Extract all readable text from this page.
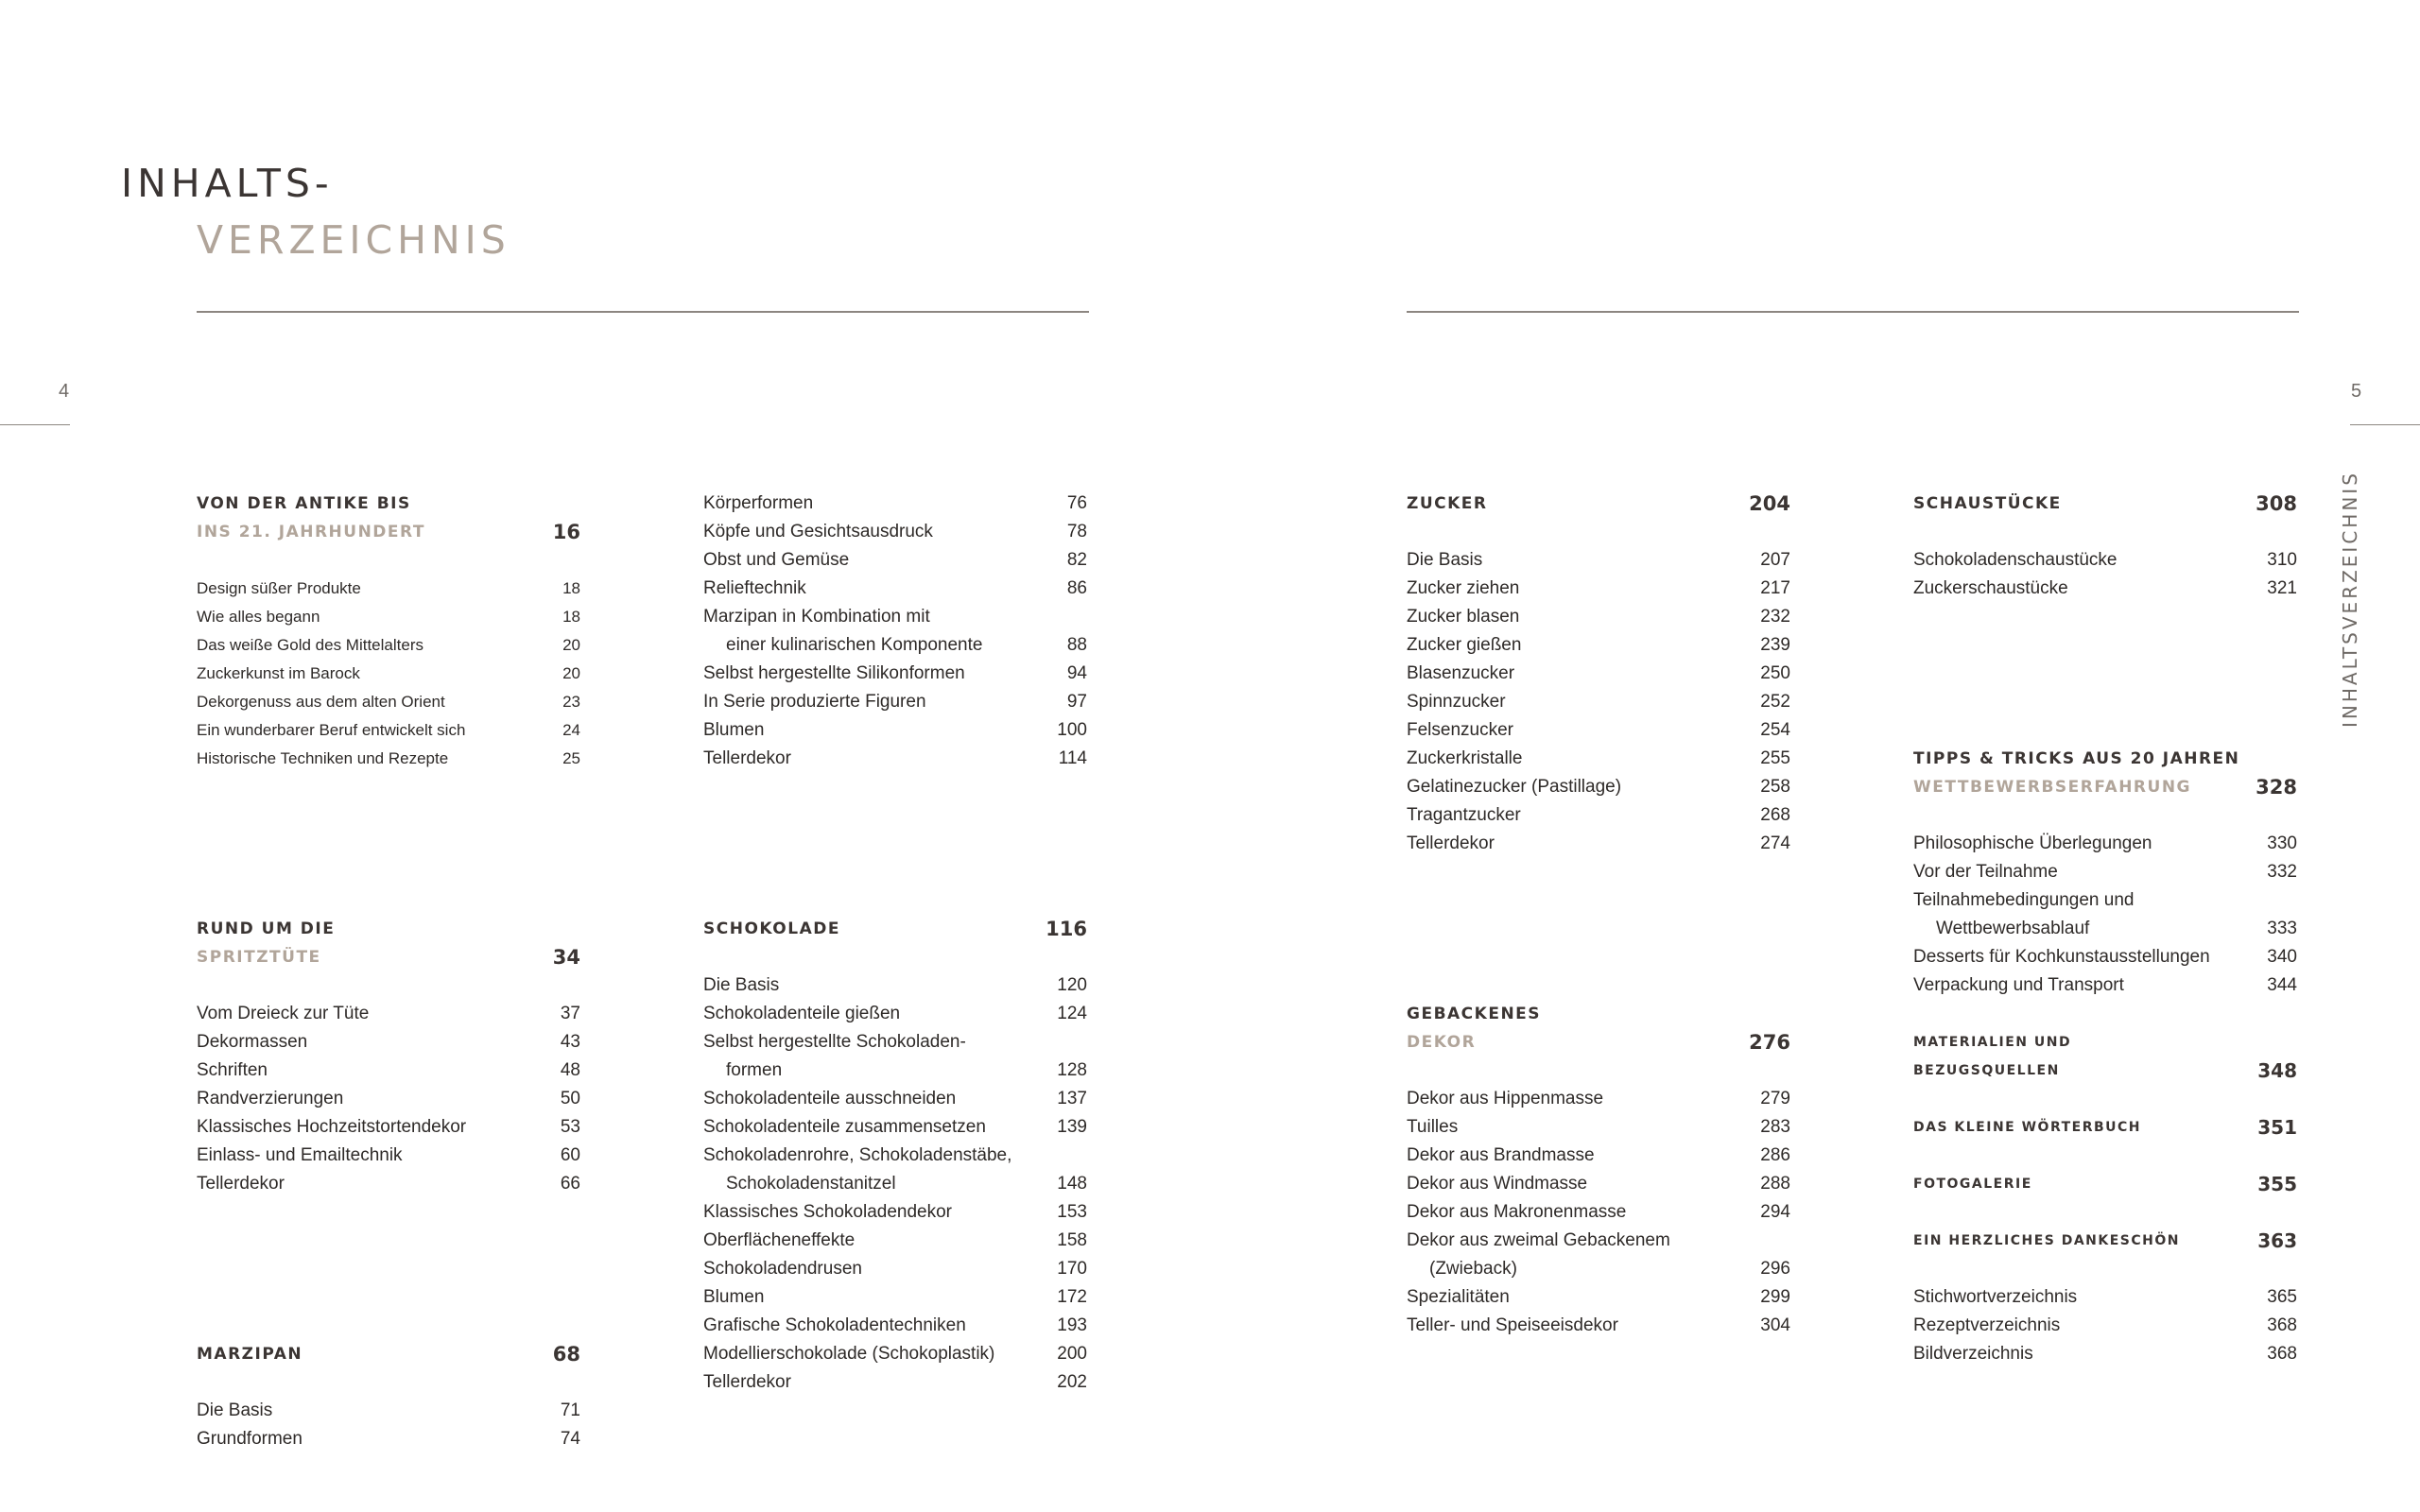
INHALTS-
VERZEICHNIS
4	5
INHALTSVERZEICHNIS
VON DER ANTIKE BIS
INS 21. JAHRHUNDERT	16
Design süßer Produkte	18
Wie alles begann	18
Das weiße Gold des Mittelalters	20
Zuckerkunst im Barock	20
Dekorgenuss aus dem alten Orient	23
Ein wunderbarer Beruf entwickelt sich	24
Historische Techniken und Rezepte	25
RUND UM DIE
SPRITZTÜTE	34
Vom Dreieck zur Tüte	37
Dekormassen	43
Schriften	48
Randverzierungen	50
Klassisches Hochzeitstortendekor	53
Einlass- und Emailtechnik	60
Tellerdekor	66
MARZIPAN	68
Die Basis	71
Grundformen	74
Körperformen	76
Köpfe und Gesichtsausdruck	78
Obst und Gemüse	82
Relieftechnik	86
Marzipan in Kombination mit
einer kulinarischen Komponente	88
Selbst hergestellte Silikonformen	94
In Serie produzierte Figuren	97
Blumen	100
Tellerdekor	114
SCHOKOLADE	116
Die Basis	120
Schokoladenteile gießen	124
Selbst hergestellte Schokoladen-
formen	128
Schokoladenteile ausschneiden	137
Schokoladenteile zusammensetzen	139
Schokoladenrohre, Schokoladenstäbe,
Schokoladenstanitzel	148
Klassisches Schokoladendekor	153
Oberflächeneffekte	158
Schokoladendrusen	170
Blumen	172
Grafische Schokoladentechniken	193
Modellierschokolade (Schokoplastik)	200
Tellerdekor	202
ZUCKER	204
Die Basis	207
Zucker ziehen	217
Zucker blasen	232
Zucker gießen	239
Blasenzucker	250
Spinnzucker	252
Felsenzucker	254
Zuckerkristalle	255
Gelatinezucker (Pastillage)	258
Tragantzucker	268
Tellerdekor	274
GEBACKENES
DEKOR	276
Dekor aus Hippenmasse	279
Tuilles	283
Dekor aus Brandmasse	286
Dekor aus Windmasse	288
Dekor aus Makronenmasse	294
Dekor aus zweimal Gebackenem
(Zwieback)	296
Spezialitäten	299
Teller- und Speiseeisdekor	304
SCHAUSTÜCKE	308
Schokoladenschaustücke	310
Zuckerschaustücke	321
TIPPS & TRICKS AUS 20 JAHREN
WETTBEWERBSERFAHRUNG	328
Philosophische Überlegungen	330
Vor der Teilnahme	332
Teilnahmebedingungen und
Wettbewerbsablauf	333
Desserts für Kochkunstausstellungen	340
Verpackung und Transport	344
MATERIALIEN UND
BEZUGSQUELLEN	348
DAS KLEINE WÖRTERBUCH	351
FOTOGALERIE	355
EIN HERZLICHES DANKESCHÖN	363
Stichwortverzeichnis	365
Rezeptverzeichnis	368
Bildverzeichnis	368
